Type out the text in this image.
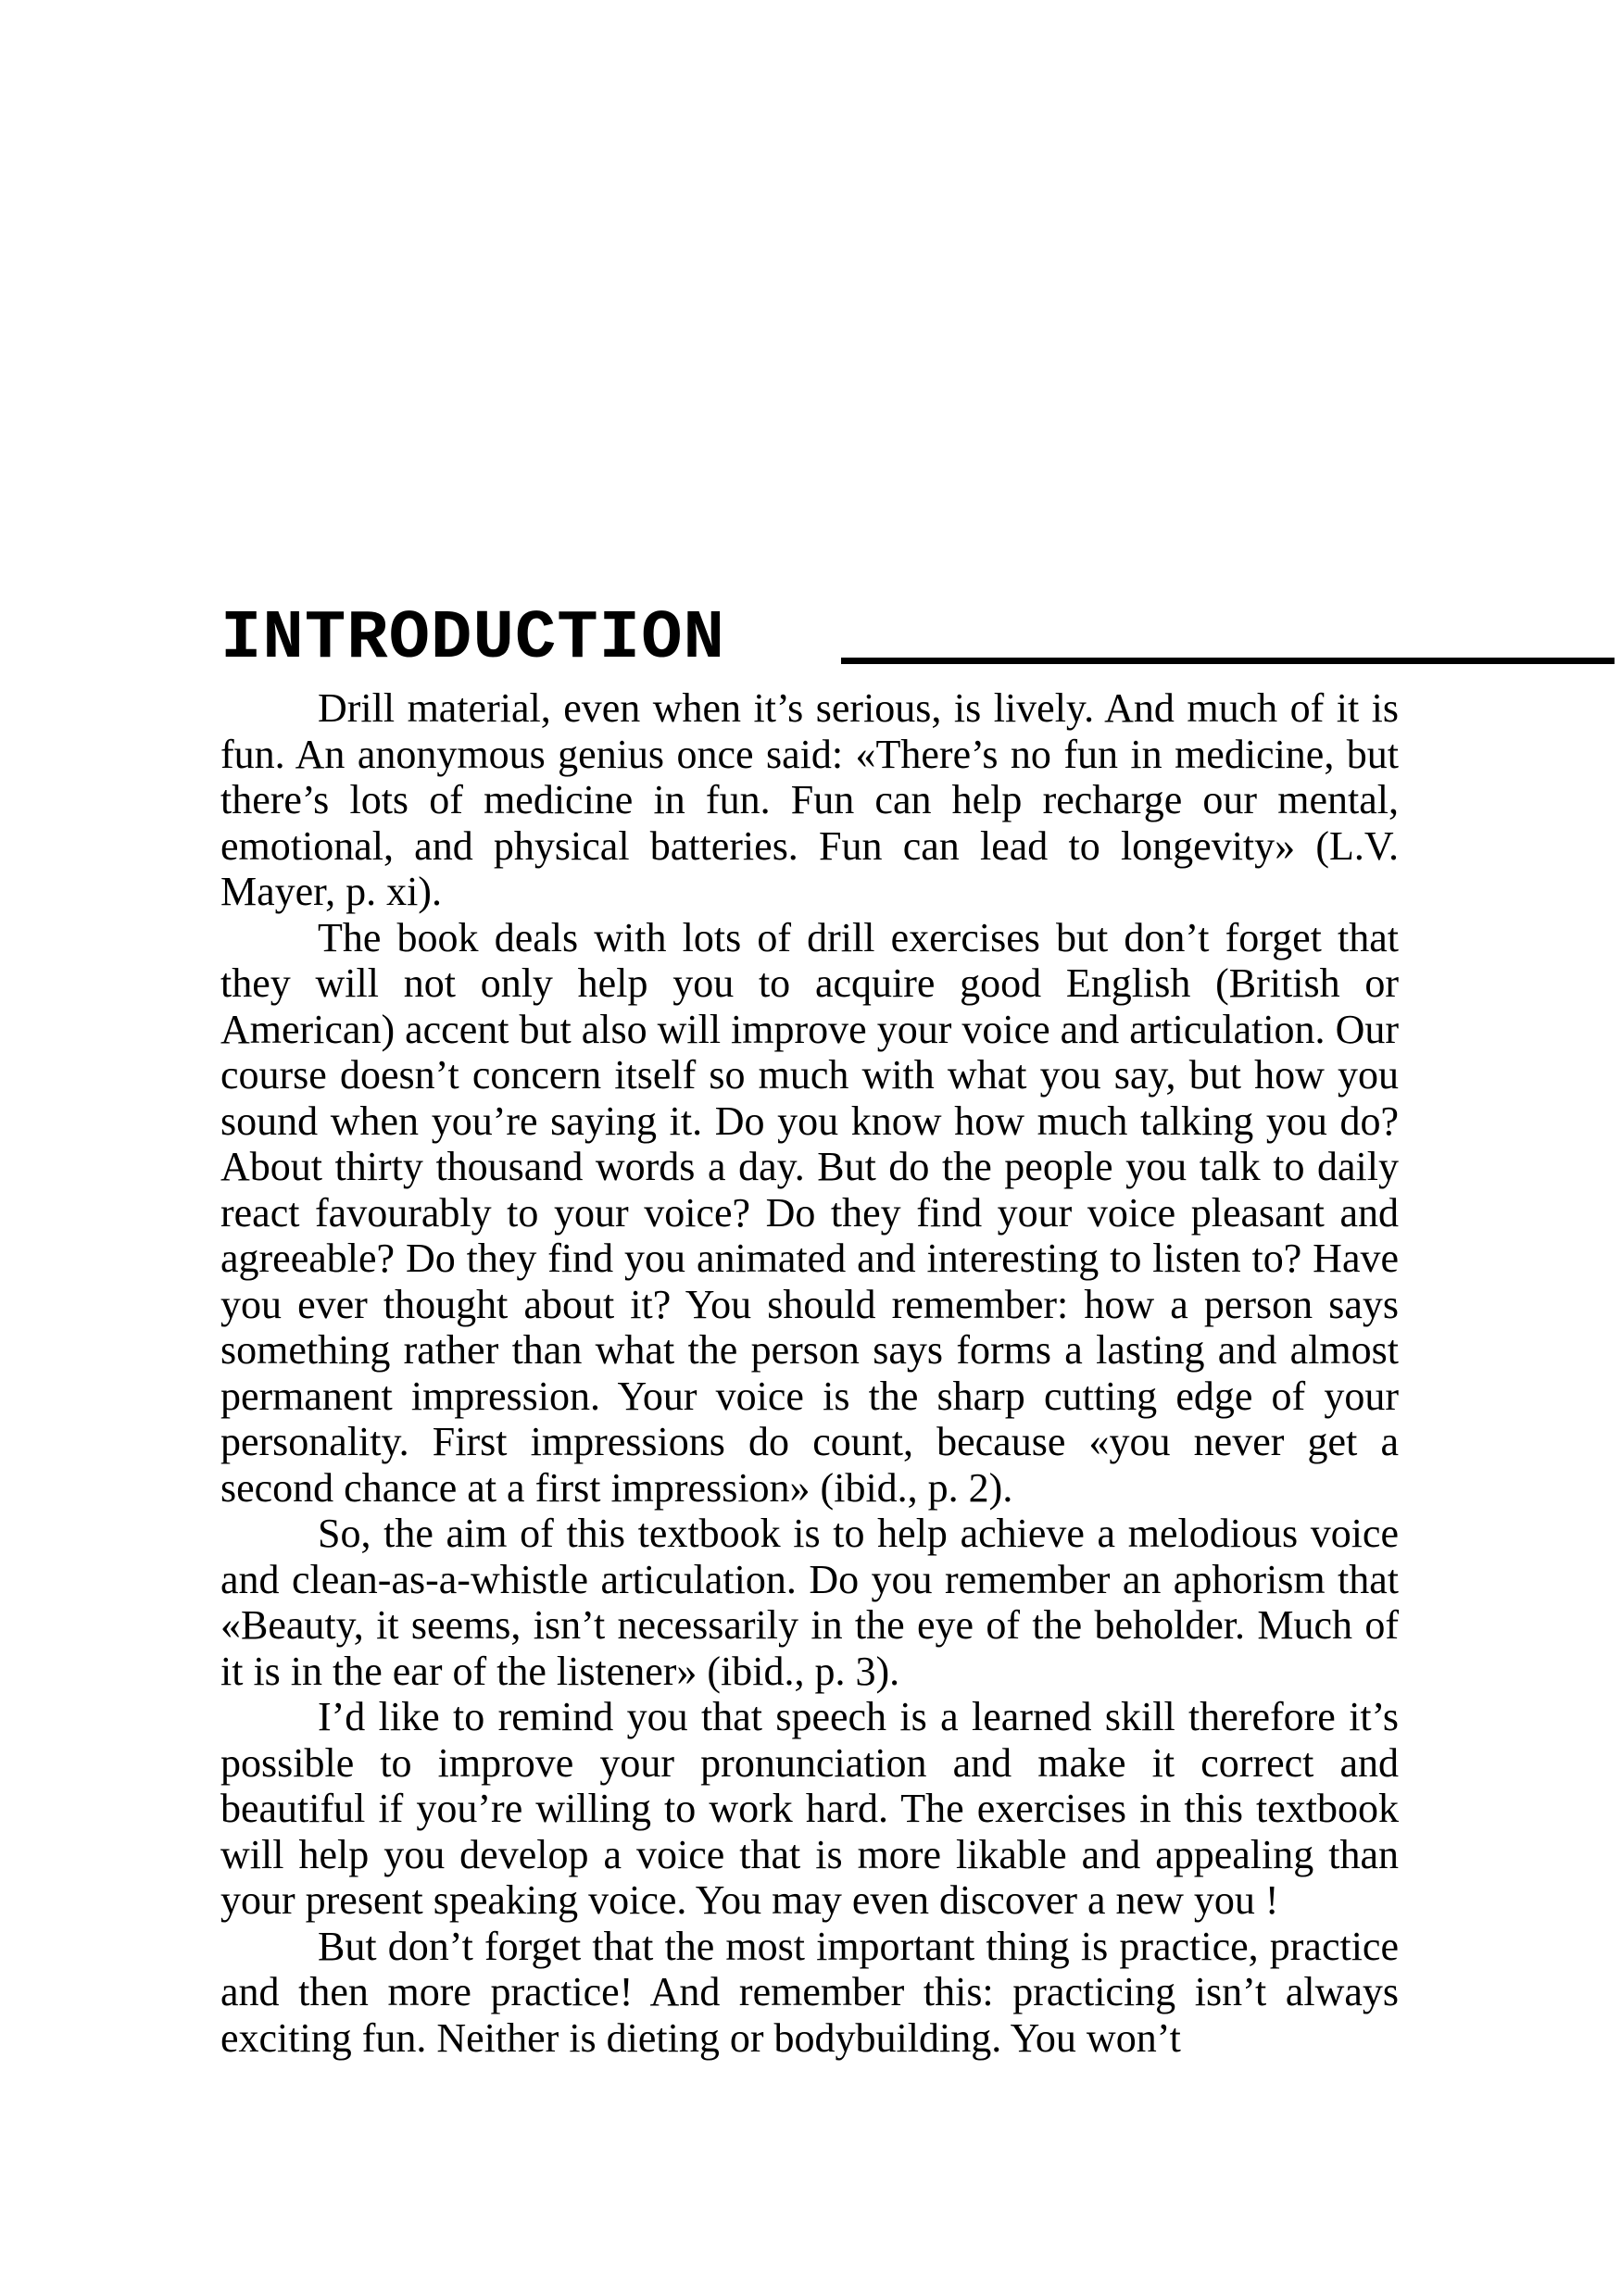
INTRODUCTION

Drill material, even when it’s serious, is lively. And much of it is fun. An anonymous genius once said: «There’s no fun in medicine, but there’s lots of medicine in fun. Fun can help recharge our mental, emotional, and physical batteries. Fun can lead to longevity» (L.V. Mayer, p. xi).

The book deals with lots of drill exercises but don’t forget that they will not only help you to acquire good English (British or American) accent but also will improve your voice and articulation. Our course doesn’t concern itself so much with what you say, but how you sound when you’re saying it. Do you know how much talking you do? About thirty thousand words a day. But do the people you talk to daily react favourably to your voice? Do they find your voice pleasant and agreeable? Do they find you animated and interesting to listen to? Have you ever thought about it? You should remember: how a person says something rather than what the person says forms a lasting and almost permanent impression. Your voice is the sharp cutting edge of your personality. First impressions do count, because «you never get a second chance at a first impression» (ibid., p. 2).

So, the aim of this textbook is to help achieve a melodious voice and clean-as-a-whistle articulation. Do you remember an aphorism that «Beauty, it seems, isn’t necessarily in the eye of the beholder. Much of it is in the ear of the listener» (ibid., p. 3).

I’d like to remind you that speech is a learned skill therefore it’s possible to improve your pronunciation and make it correct and beautiful if you’re willing to work hard. The exercises in this textbook will help you develop a voice that is more likable and appealing than your present speaking voice. You may even discover a new you !

But don’t forget that the most important thing is practice, practice and then more practice! And remember this: practicing isn’t always exciting fun. Neither is dieting or bodybuilding. You won’t
